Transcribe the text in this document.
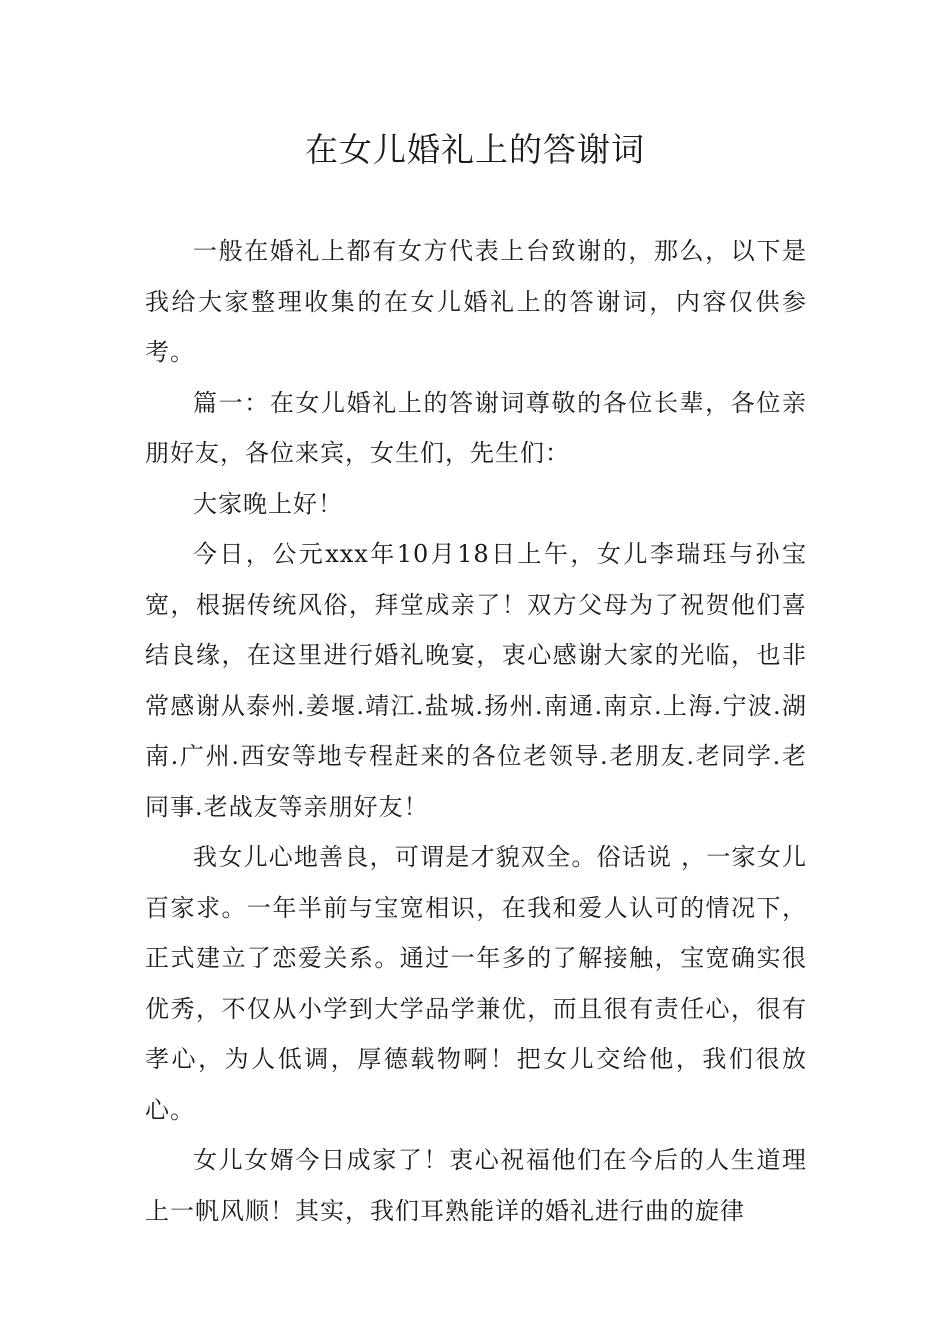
在女儿婚礼上的答谢词

一般在婚礼上都有女方代表上台致谢的，那么，以下是我给大家整理收集的在女儿婚礼上的答谢词，内容仅供参考。

篇一：在女儿婚礼上的答谢词尊敬的各位长辈，各位亲朋好友，各位来宾，女生们，先生们：

大家晚上好！

今日，公元xxx年10月18日上午，女儿李瑞珏与孙宝宽，根据传统风俗，拜堂成亲了！双方父母为了祝贺他们喜结良缘，在这里进行婚礼晚宴，衷心感谢大家的光临，也非常感谢从泰州.姜堰.靖江.盐城.扬州.南通.南京.上海.宁波.湖南.广州.西安等地专程赶来的各位老领导.老朋友.老同学.老同事.老战友等亲朋好友！

我女儿心地善良，可谓是才貌双全。俗话说 ，一家女儿百家求。一年半前与宝宽相识，在我和爱人认可的情况下，正式建立了恋爱关系。通过一年多的了解接触，宝宽确实很优秀，不仅从小学到大学品学兼优，而且很有责任心，很有孝心，为人低调，厚德载物啊！把女儿交给他，我们很放心。

女儿女婿今日成家了！衷心祝福他们在今后的人生道理上一帆风顺！其实，我们耳熟能详的婚礼进行曲的旋律
